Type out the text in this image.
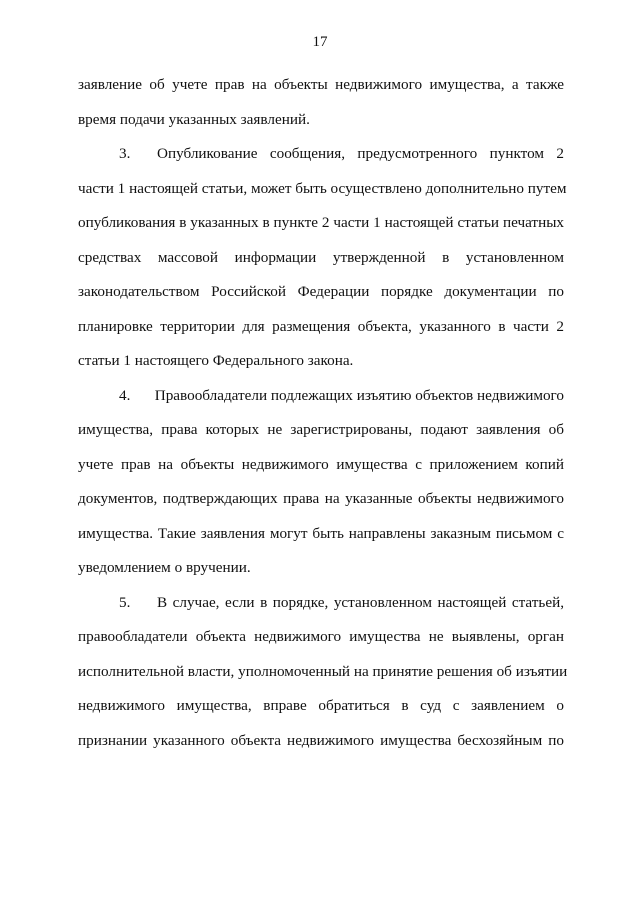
17
заявление об учете прав на объекты недвижимого имущества, а также
время подачи указанных заявлений.
3.	Опубликование сообщения, предусмотренного пунктом 2
части 1 настоящей статьи, может быть осуществлено дополнительно путем
опубликования в указанных в пункте 2 части 1 настоящей статьи печатных
средствах массовой информации утвержденной в установленном
законодательством Российской Федерации порядке документации по
планировке территории для размещения объекта, указанного в части 2
статьи 1 настоящего Федерального закона.
4.	Правообладатели подлежащих изъятию объектов недвижимого
имущества, права которых не зарегистрированы, подают заявления об
учете прав на объекты недвижимого имущества с приложением копий
документов, подтверждающих права на указанные объекты недвижимого
имущества. Такие заявления могут быть направлены заказным письмом с
уведомлением о вручении.
5.	В случае, если в порядке, установленном настоящей статьей,
правообладатели объекта недвижимого имущества не выявлены, орган
исполнительной власти, уполномоченный на принятие решения об изъятии
недвижимого имущества, вправе обратиться в суд с заявлением о
признании указанного объекта недвижимого имущества бесхозяйным по
